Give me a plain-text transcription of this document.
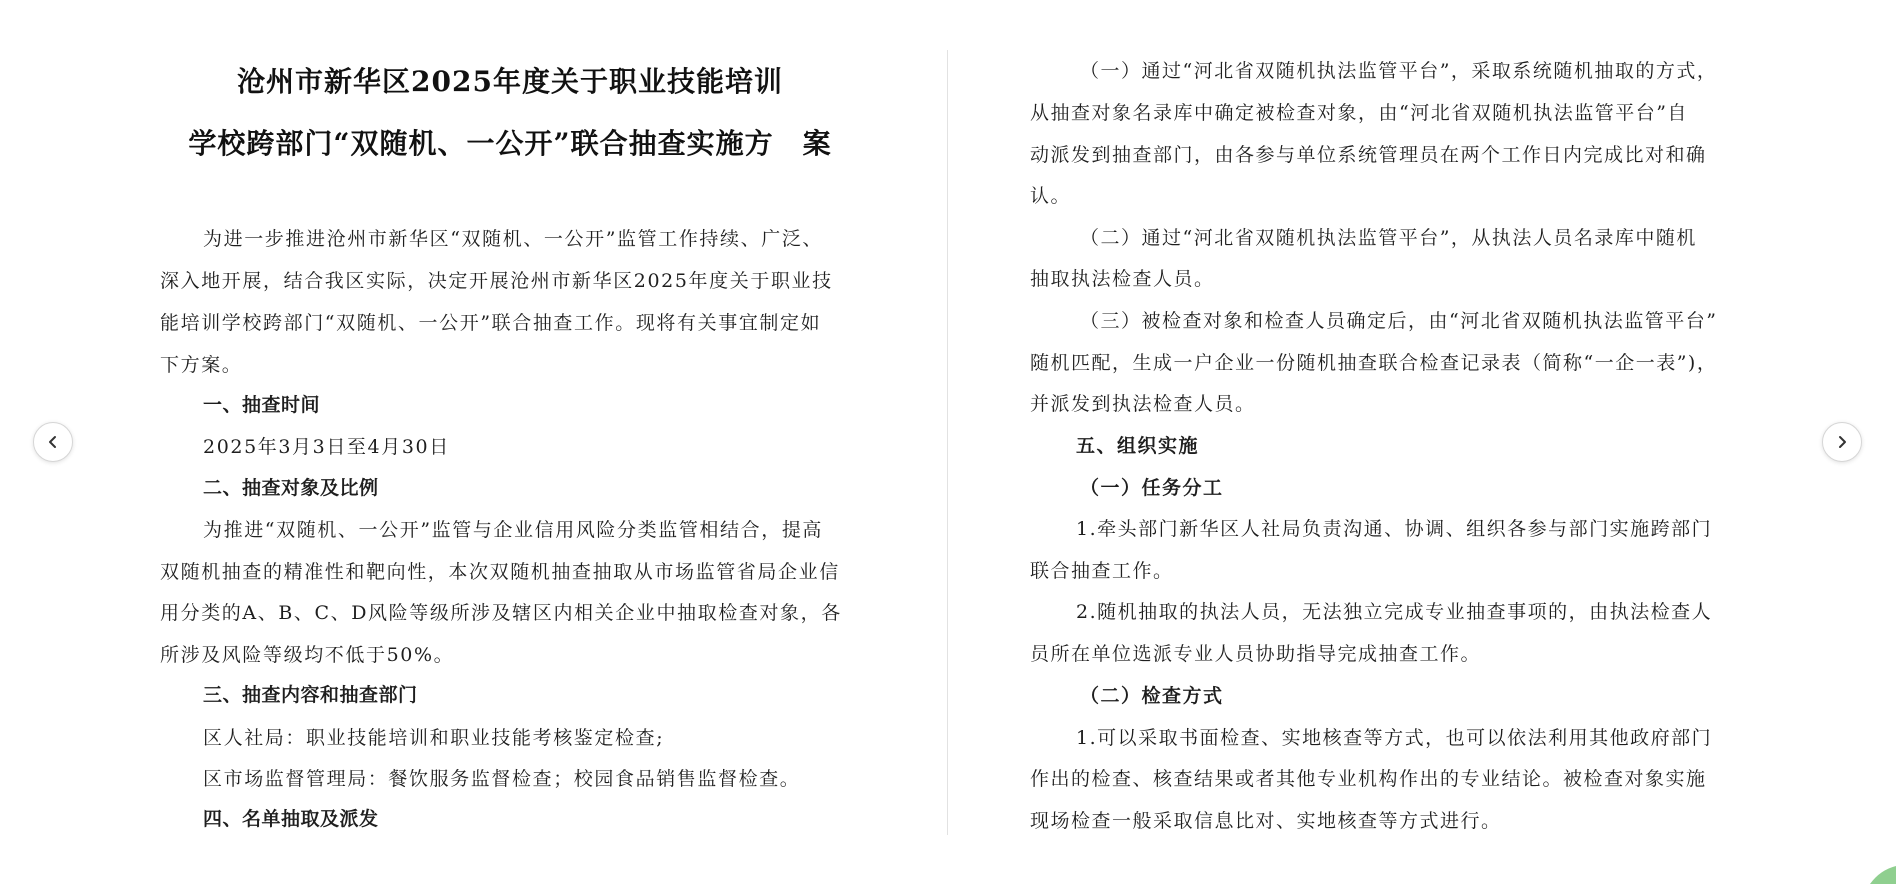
沧州市新华区2025年度关于职业技能培训
学校跨部门“双随机、一公开”联合抽查实施方　案
为进一步推进沧州市新华区“双随机、一公开”监管工作持续、广泛、
深入地开展，结合我区实际，决定开展沧州市新华区2025年度关于职业技
能培训学校跨部门“双随机、一公开”联合抽查工作。现将有关事宜制定如
下方案。
一、抽查时间
2025年3月3日至4月30日
二、抽查对象及比例
为推进“双随机、一公开”监管与企业信用风险分类监管相结合，提高
双随机抽查的精准性和靶向性，本次双随机抽查抽取从市场监管省局企业信
用分类的A、B、C、D风险等级所涉及辖区内相关企业中抽取检查对象，各
所涉及风险等级均不低于50%。
三、抽查内容和抽查部门
区人社局：职业技能培训和职业技能考核鉴定检查;
区市场监督管理局：餐饮服务监督检查；校园食品销售监督检查。
四、名单抽取及派发
（一）通过“河北省双随机执法监管平台”，采取系统随机抽取的方式，
从抽查对象名录库中确定被检查对象，由“河北省双随机执法监管平台”自
动派发到抽查部门，由各参与单位系统管理员在两个工作日内完成比对和确
认。
（二）通过“河北省双随机执法监管平台”，从执法人员名录库中随机
抽取执法检查人员。
（三）被检查对象和检查人员确定后，由“河北省双随机执法监管平台”
随机匹配，生成一户企业一份随机抽查联合检查记录表（简称“一企一表”)，
并派发到执法检查人员。
五、组织实施
（一）任务分工
1.牵头部门新华区人社局负责沟通、协调、组织各参与部门实施跨部门
联合抽查工作。
2.随机抽取的执法人员，无法独立完成专业抽查事项的，由执法检查人
员所在单位选派专业人员协助指导完成抽查工作。
（二）检查方式
1.可以采取书面检查、实地核查等方式，也可以依法利用其他政府部门
作出的检查、核查结果或者其他专业机构作出的专业结论。被检查对象实施
现场检查一般采取信息比对、实地核查等方式进行。
